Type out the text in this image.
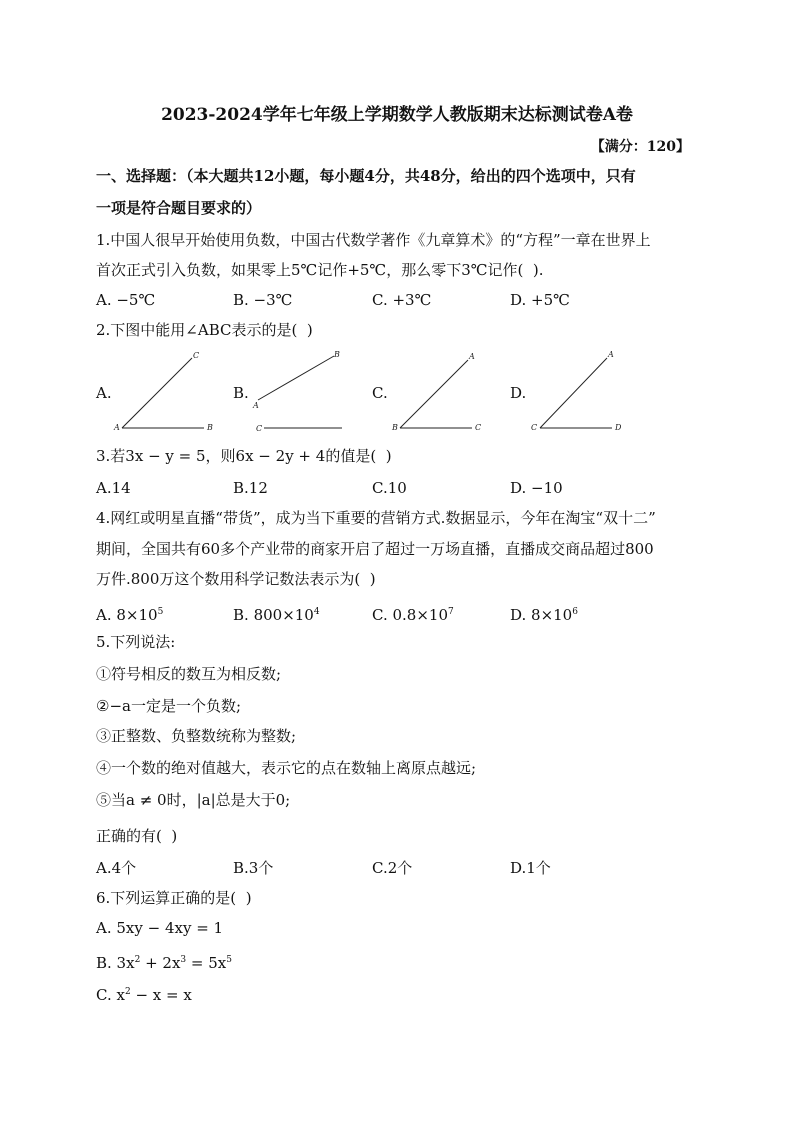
2023-2024学年七年级上学期数学人教版期末达标测试卷A卷
【满分：120】
一、选择题：（本大题共12小题，每小题4分，共48分，给出的四个选项中，只有
一项是符合题目要求的）
1.中国人很早开始使用负数，中国古代数学著作《九章算术》的“方程”一章在世界上
首次正式引入负数，如果零上5℃记作+5℃，那么零下3℃记作(  ).
A. −5℃	B. −3℃	C. +3℃	D. +5℃
2.下图中能用∠ABC表示的是(  )
A.
A
C
B
B.
C
B
A
C.
B
A
C
D.
C
A
D
3.若3x − y = 5，则6x − 2y + 4的值是(  )
A.14	B.12	C.10	D. −10
4.网红或明星直播“带货”，成为当下重要的营销方式.数据显示，今年在淘宝“双十二”
期间，全国共有60多个产业带的商家开启了超过一万场直播，直播成交商品超过800
万件.800万这个数用科学记数法表示为(  )
A. $8\times 10^5$	B. $800\times 10^4$	C. $0.8\times 10^7$	D. $8\times 10^6$
5.下列说法:
①符号相反的数互为相反数;
②−a一定是一个负数;
③正整数、负整数统称为整数;
④一个数的绝对值越大，表示它的点在数轴上离原点越远;
⑤当a ≠ 0时，|a|总是大于0;
正确的有(  )
A.4个	B.3个	C.2个	D.1个
6.下列运算正确的是(  )
A. 5xy − 4xy = 1
B. $3x^2 + 2x^3 = 5x^5$
C. $x^2 - x = x$
